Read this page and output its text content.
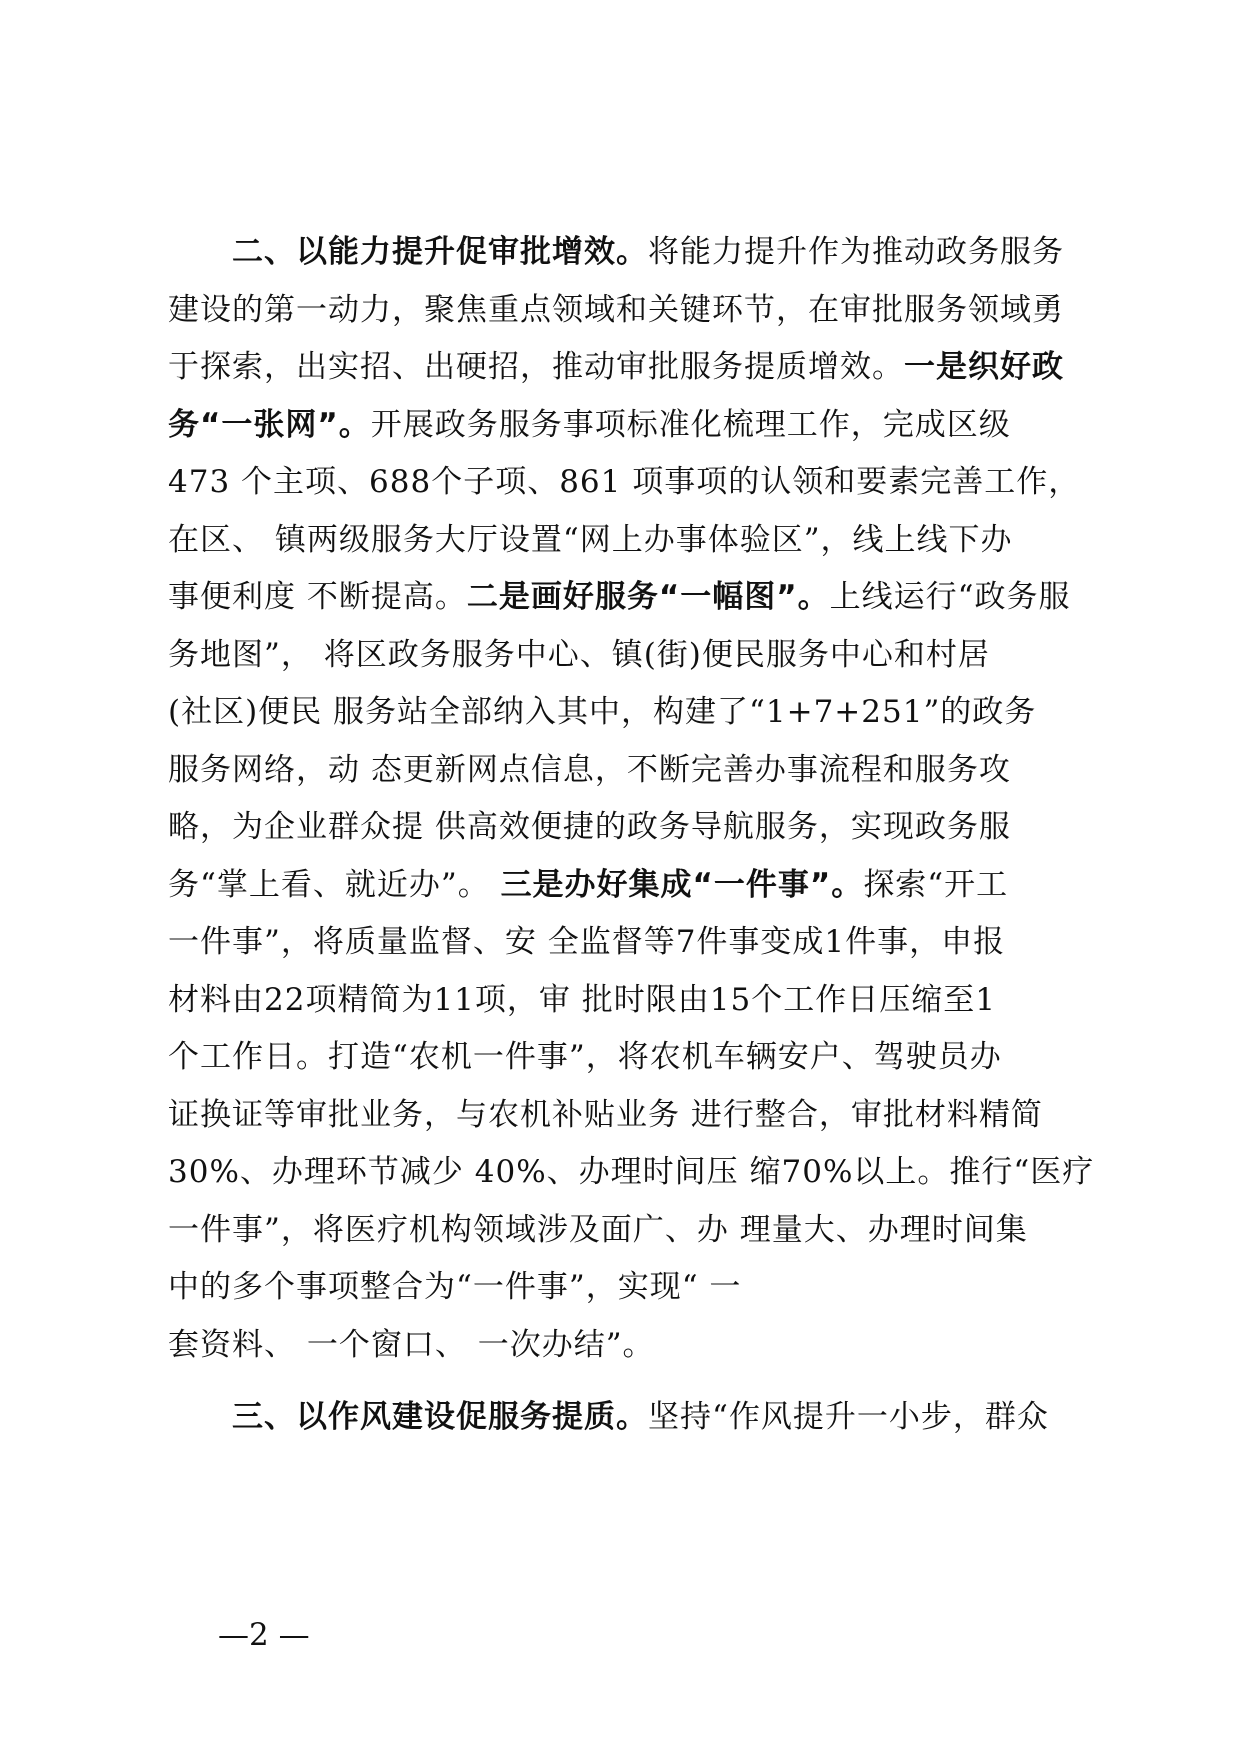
二、以能力提升促审批增效。将能力提升作为推动政务服务
建设的第一动力，聚焦重点领域和关键环节，在审批服务领域勇
于探索，出实招、出硬招，推动审批服务提质增效。一是织好政
务“一张网”。开展政务服务事项标准化梳理工作，完成区级
473 个主项、688个子项、861 项事项的认领和要素完善工作，
在区、 镇两级服务大厅设置“网上办事体验区”，线上线下办
事便利度 不断提高。二是画好服务“一幅图”。上线运行“政务服
务地图”， 将区政务服务中心、镇(街)便民服务中心和村居
(社区)便民 服务站全部纳入其中，构建了“1+7+251”的政务
服务网络，动 态更新网点信息，不断完善办事流程和服务攻
略，为企业群众提 供高效便捷的政务导航服务，实现政务服
务“掌上看、就近办”。 三是办好集成“一件事”。探索“开工
一件事”，将质量监督、安 全监督等7件事变成1件事，申报
材料由22项精简为11项，审 批时限由15个工作日压缩至1
个工作日。打造“农机一件事”，将农机车辆安户、驾驶员办
证换证等审批业务，与农机补贴业务 进行整合，审批材料精简
30%、办理环节减少 40%、办理时间压 缩70%以上。推行“医疗
一件事”，将医疗机构领域涉及面广、办 理量大、办理时间集
中的多个事项整合为“一件事”，实现“ 一
套资料、 一个窗口、 一次办结”。
三、以作风建设促服务提质。坚持“作风提升一小步，群众
—2 —
